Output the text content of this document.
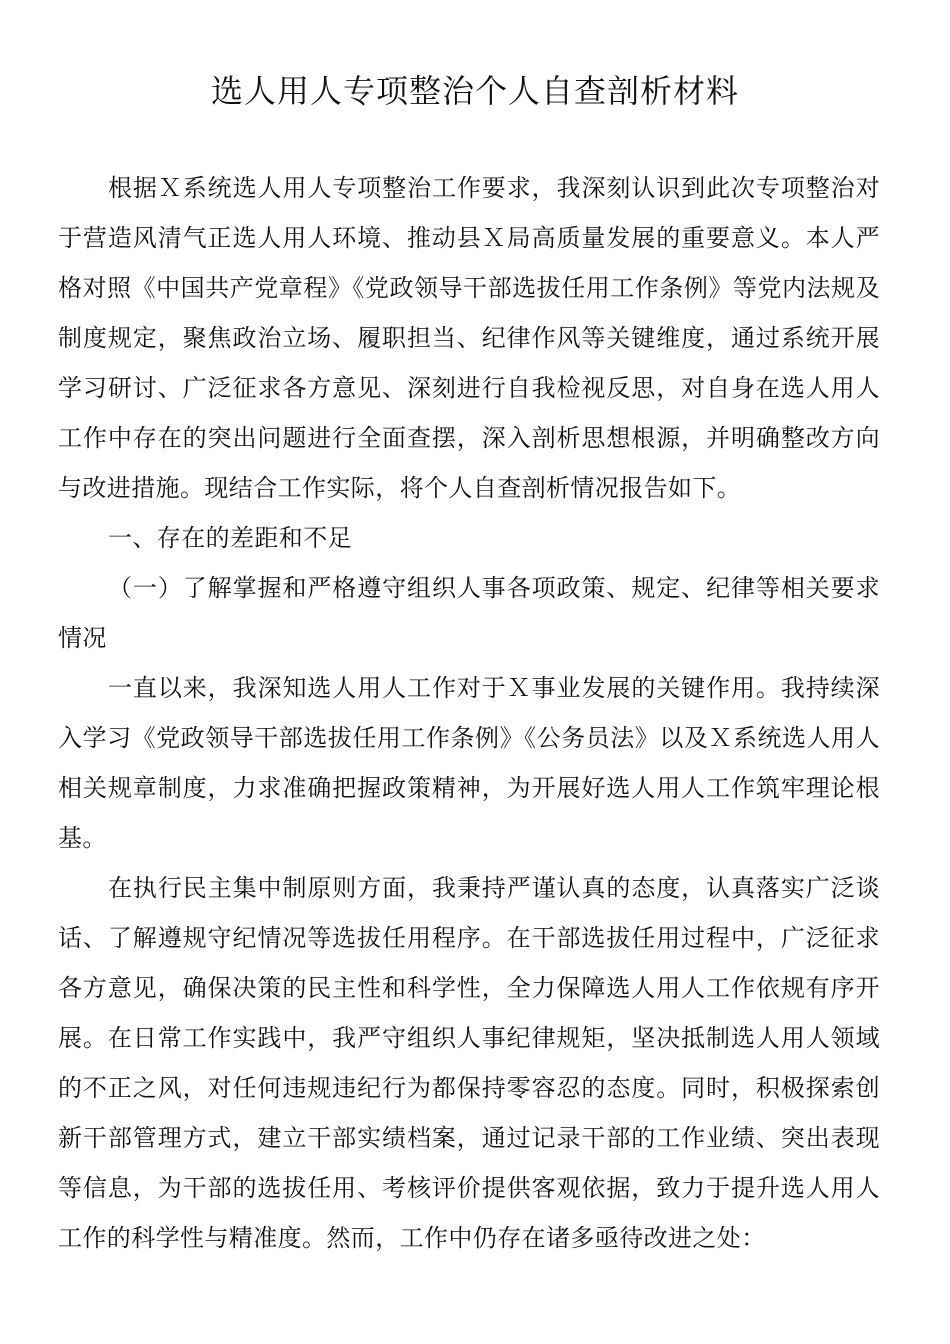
选人用人专项整治个人自查剖析材料

根据Ｘ系统选人用人专项整治工作要求，我深刻认识到此次专项整治对于营造风清气正选人用人环境、推动县Ｘ局高质量发展的重要意义。本人严格对照《中国共产党章程》《党政领导干部选拔任用工作条例》等党内法规及制度规定，聚焦政治立场、履职担当、纪律作风等关键维度，通过系统开展学习研讨、广泛征求各方意见、深刻进行自我检视反思，对自身在选人用人工作中存在的突出问题进行全面查摆，深入剖析思想根源，并明确整改方向与改进措施。现结合工作实际，将个人自查剖析情况报告如下。

一、存在的差距和不足

（一）了解掌握和严格遵守组织人事各项政策、规定、纪律等相关要求情况

一直以来，我深知选人用人工作对于Ｘ事业发展的关键作用。我持续深入学习《党政领导干部选拔任用工作条例》《公务员法》以及Ｘ系统选人用人相关规章制度，力求准确把握政策精神，为开展好选人用人工作筑牢理论根基。

在执行民主集中制原则方面，我秉持严谨认真的态度，认真落实广泛谈话、了解遵规守纪情况等选拔任用程序。在干部选拔任用过程中，广泛征求各方意见，确保决策的民主性和科学性，全力保障选人用人工作依规有序开展。在日常工作实践中，我严守组织人事纪律规矩，坚决抵制选人用人领域的不正之风，对任何违规违纪行为都保持零容忍的态度。同时，积极探索创新干部管理方式，建立干部实绩档案，通过记录干部的工作业绩、突出表现等信息，为干部的选拔任用、考核评价提供客观依据，致力于提升选人用人工作的科学性与精准度。然而，工作中仍存在诸多亟待改进之处：
